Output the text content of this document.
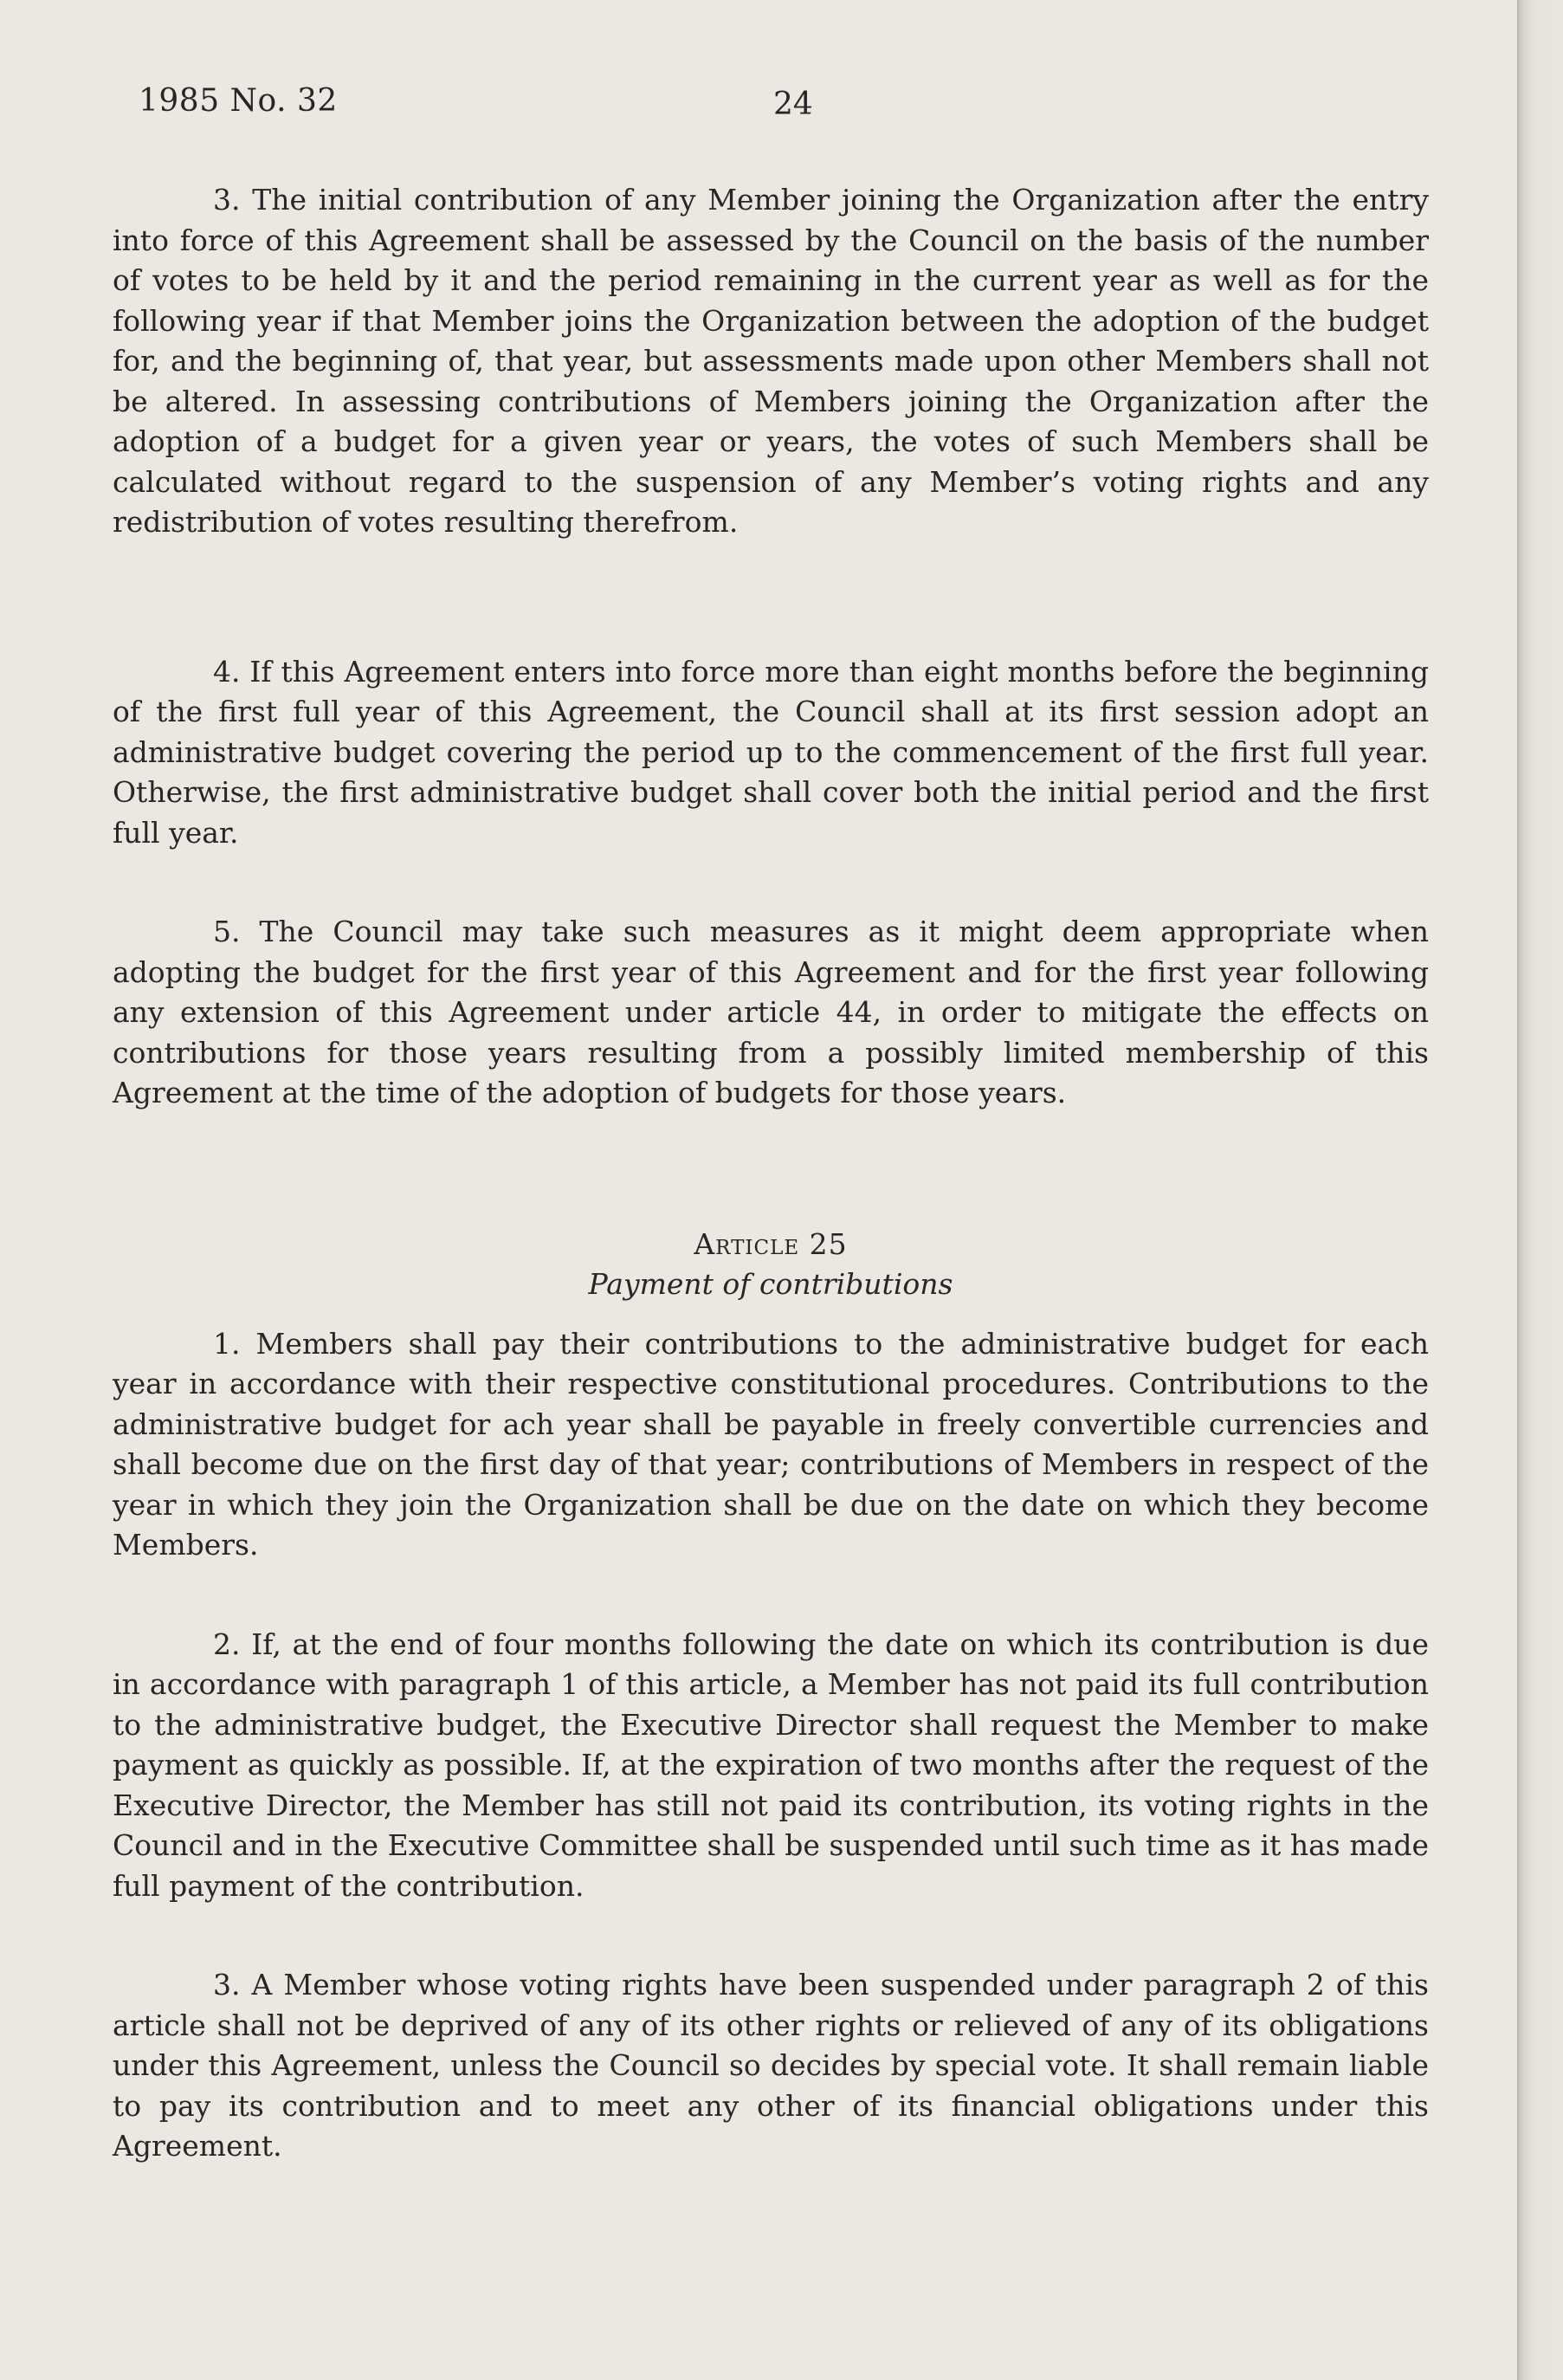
1985 No. 32	24

3. The initial contribution of any Member joining the Organization after the entry into force of this Agreement shall be assessed by the Council on the basis of the number of votes to be held by it and the period remaining in the current year as well as for the following year if that Member joins the Organization between the adoption of the budget for, and the beginning of, that year, but assessments made upon other Members shall not be altered. In assessing contributions of Members joining the Organization after the adoption of a budget for a given year or years, the votes of such Members shall be calculated without regard to the suspension of any Member’s voting rights and any redistribution of votes resulting therefrom.

4. If this Agreement enters into force more than eight months before the beginning of the first full year of this Agreement, the Council shall at its first session adopt an administrative budget covering the period up to the commencement of the first full year. Otherwise, the first administrative budget shall cover both the initial period and the first full year.

5. The Council may take such measures as it might deem appropriate when adopting the budget for the first year of this Agreement and for the first year following any extension of this Agreement under article 44, in order to mitigate the effects on contributions for those years resulting from a possibly limited membership of this Agreement at the time of the adoption of budgets for those years.

Article 25

Payment of contributions

1. Members shall pay their contributions to the administrative budget for each year in accordance with their respective constitutional procedures. Contributions to the administrative budget for ach year shall be payable in freely convertible currencies and shall become due on the first day of that year; contributions of Members in respect of the year in which they join the Organization shall be due on the date on which they become Members.

2. If, at the end of four months following the date on which its contribution is due in accordance with paragraph 1 of this article, a Member has not paid its full contribution to the administrative budget, the Executive Director shall request the Member to make payment as quickly as possible. If, at the expiration of two months after the request of the Executive Director, the Member has still not paid its contribution, its voting rights in the Council and in the Executive Committee shall be suspended until such time as it has made full payment of the contribution.

3. A Member whose voting rights have been suspended under paragraph 2 of this article shall not be deprived of any of its other rights or relieved of any of its obligations under this Agreement, unless the Council so decides by special vote. It shall remain liable to pay its contribution and to meet any other of its financial obligations under this Agreement.
